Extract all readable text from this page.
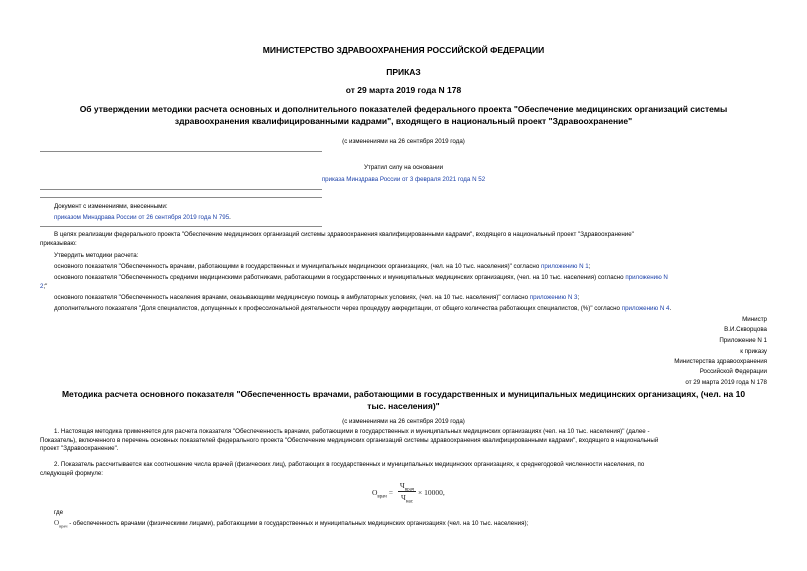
МИНИСТЕРСТВО ЗДРАВООХРАНЕНИЯ РОССИЙСКОЙ ФЕДЕРАЦИИ
ПРИКАЗ
от 29 марта 2019 года N 178
Об утверждении методики расчета основных и дополнительного показателей федерального проекта "Обеспечение медицинских организаций системы
здравоохранения квалифицированными кадрами", входящего в национальный проект "Здравоохранение"
(с изменениями на 26 сентября 2019 года)
Утратил силу на основании
приказа Минздрава России от 3 февраля 2021 года N 52
Документ с изменениями, внесенными:
приказом Минздрава России от 26 сентября 2019 года N 795.
В целях реализации федерального проекта "Обеспечение медицинских организаций системы здравоохранения квалифицированными кадрами", входящего в национальный проект "Здравоохранение"
приказываю:
Утвердить методики расчета:
основного показателя "Обеспеченность врачами, работающими в государственных и муниципальных медицинских организациях, (чел. на 10 тыс. населения)" согласно приложению N 1;
основного показателя "Обеспеченность средними медицинскими работниками, работающими в государственных и муниципальных медицинских организациях, (чел. на 10 тыс. населения) согласно приложению N
2;"
основного показателя "Обеспеченность населения врачами, оказывающими медицинскую помощь в амбулаторных условиях, (чел. на 10 тыс. населения)" согласно приложению N 3;
дополнительного показателя "Доля специалистов, допущенных к профессиональной деятельности через процедуру аккредитации, от общего количества работающих специалистов, (%)" согласно приложению N 4.
Министр
В.И.Скворцова
Приложение N 1
к приказу
Министерства здравоохранения
Российской Федерации
от 29 марта 2019 года N 178
Методика расчета основного показателя "Обеспеченность врачами, работающими в государственных и муниципальных медицинских организациях, (чел. на 10
тыс. населения)"
(с изменениями на 26 сентября 2019 года)
1. Настоящая методика применяется для расчета показателя "Обеспеченность врачами, работающими в государственных и муниципальных медицинских организациях (чел. на 10 тыс. населения)" (далее -
Показатель), включенного в перечень основных показателей федерального проекта "Обеспечение медицинских организаций системы здравоохранения квалифицированными кадрами", входящего в национальный
проект "Здравоохранение".
2. Показатель рассчитывается как соотношение числа врачей (физических лиц), работающих в государственных и муниципальных медицинских организациях, к среднегодовой численности населения, по
следующей формуле:
$О_{врач}$ =
$Ч_{врач}$
$Ч_{нас}$
× 10000,
где
$О_{врач}$ - обеспеченность врачами (физическими лицами), работающими в государственных и муниципальных медицинских организациях (чел. на 10 тыс. населения);
